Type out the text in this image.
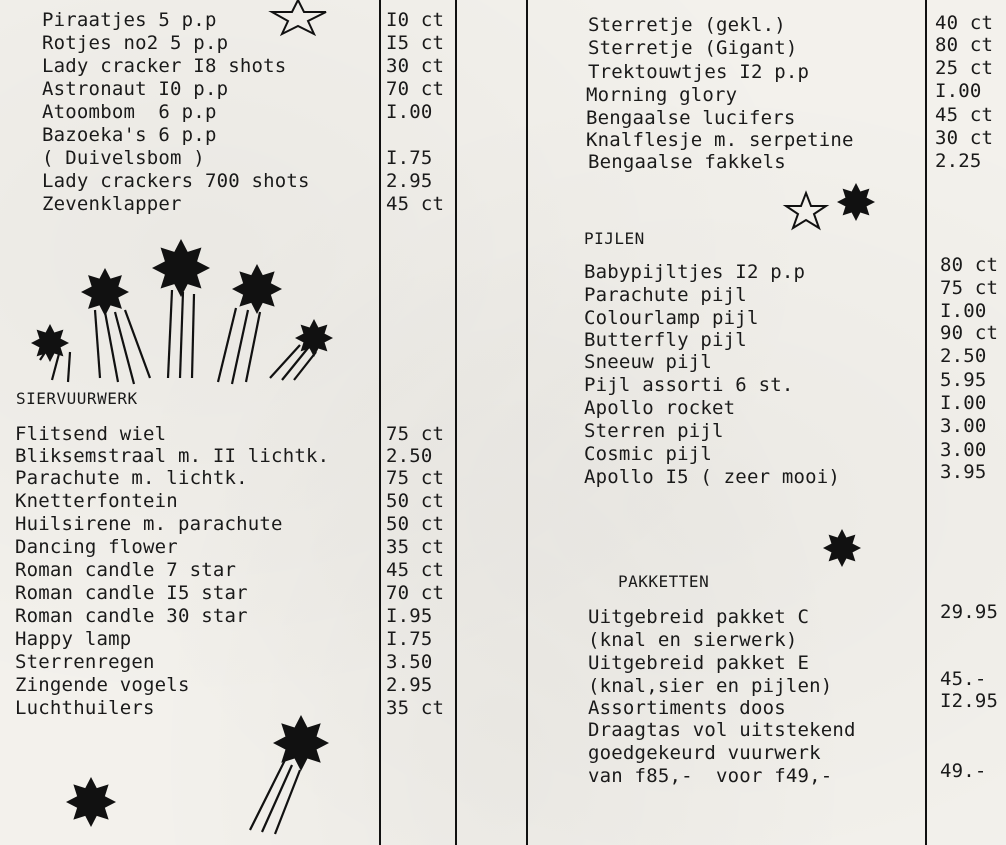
Piraatjes 5 p.p	I0 ct
Rotjes no2 5 p.p	I5 ct
Lady cracker I8 shots	30 ct
Astronaut I0 p.p	70 ct
Atoombom  6 p.p	I.00
Bazoeka's 6 p.p
( Duivelsbom )	I.75
Lady crackers 700 shots	2.95
Zevenklapper	45 ct
SIERVUURWERK
Flitsend wiel	75 ct
Bliksemstraal m. II lichtk.	2.50
Parachute m. lichtk.	75 ct
Knetterfontein	50 ct
Huilsirene m. parachute	50 ct
Dancing flower	35 ct
Roman candle 7 star	45 ct
Roman candle I5 star	70 ct
Roman candle 30 star	I.95
Happy lamp	I.75
Sterrenregen	3.50
Zingende vogels	2.95
Luchthuilers	35 ct
Sterretje (gekl.)	40 ct
Sterretje (Gigant)	80 ct
Trektouwtjes I2 p.p	25 ct
Morning glory	I.00
Bengaalse lucifers	45 ct
Knalflesje m. serpetine	30 ct
Bengaalse fakkels	2.25
PIJLEN
Babypijltjes I2 p.p	80 ct
Parachute pijl	75 ct
Colourlamp pijl	I.00
Butterfly pijl	90 ct
Sneeuw pijl	2.50
Pijl assorti 6 st.	5.95
Apollo rocket	I.00
Sterren pijl	3.00
Cosmic pijl	3.00
Apollo I5 ( zeer mooi)	3.95
PAKKETTEN
Uitgebreid pakket C	29.95
(knal en sierwerk)
Uitgebreid pakket E
(knal,sier en pijlen)	45.-
Assortiments doos	I2.95
Draagtas vol uitstekend
goedgekeurd vuurwerk
van f85,-  voor f49,-	49.-
